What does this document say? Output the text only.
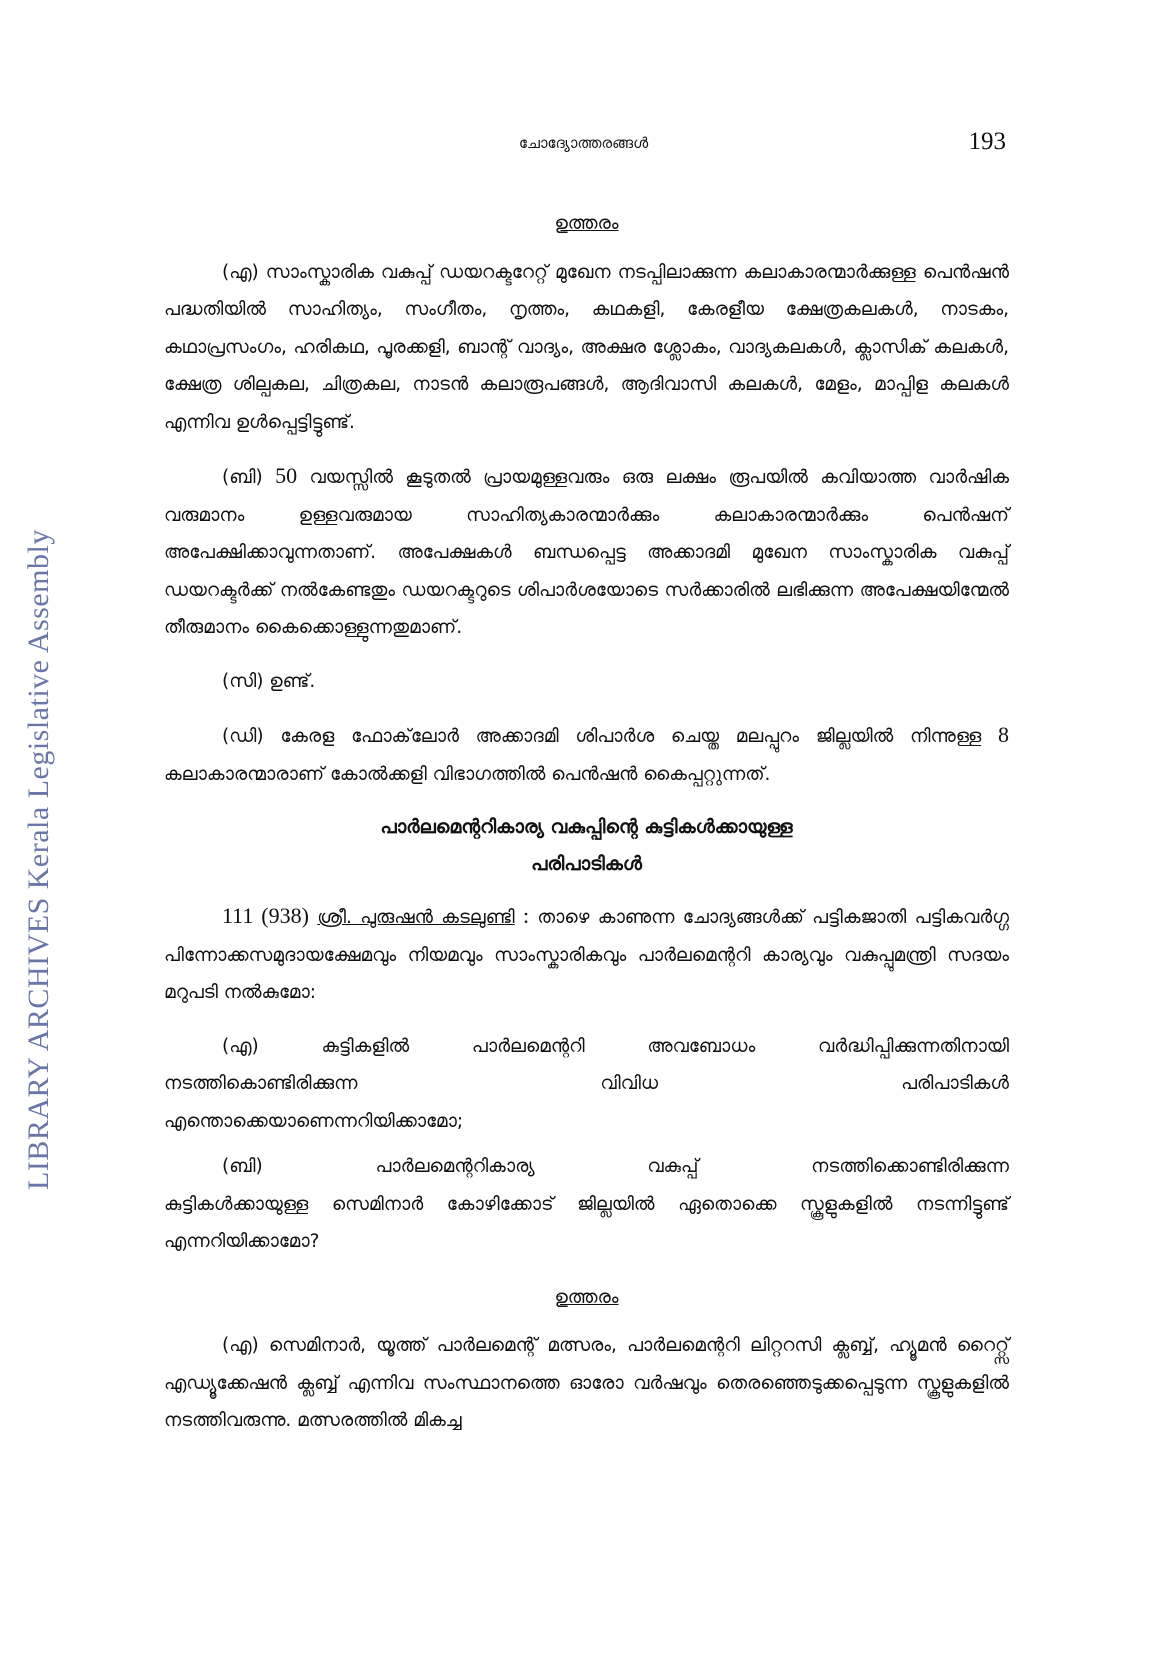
LIBRARY ARCHIVES Kerala Legislative Assembly
ചോദ്യോത്തരങ്ങൾ	193
ഉത്തരം

(എ) സാംസ്കാരിക വകുപ്പ് ഡയറക്ടറേറ്റ് മുഖേന നടപ്പിലാക്കുന്ന കലാകാരന്മാർക്കുള്ള പെൻഷൻ പദ്ധതിയിൽ സാഹിത്യം, സംഗീതം, നൃത്തം, കഥകളി, കേരളീയ ക്ഷേത്രകലകൾ, നാടകം, കഥാപ്രസംഗം, ഹരികഥ, പൂരക്കളി, ബാന്റ് വാദ്യം, അക്ഷര ശ്ലോകം, വാദ്യകലകൾ, ക്ലാസിക് കലകൾ, ക്ഷേത്ര ശില്പകല, ചിത്രകല, നാടൻ കലാരൂപങ്ങൾ, ആദിവാസി കലകൾ, മേളം, മാപ്പിള കലകൾ എന്നിവ ഉൾപ്പെട്ടിട്ടുണ്ട്.

(ബി) 50 വയസ്സിൽ കൂടുതൽ പ്രായമുള്ളവരും ഒരു ലക്ഷം രൂപയിൽ കവിയാത്ത വാർഷിക വരുമാനം ഉള്ളവരുമായ സാഹിത്യകാരന്മാർക്കും കലാകാരന്മാർക്കും പെൻഷന് അപേക്ഷിക്കാവുന്നതാണ്. അപേക്ഷകൾ ബന്ധപ്പെട്ട അക്കാദമി മുഖേന സാംസ്കാരിക വകുപ്പ് ഡയറക്ടർക്ക് നൽകേണ്ടതും ഡയറക്ടറുടെ ശിപാർശയോടെ സർക്കാരിൽ ലഭിക്കുന്ന അപേക്ഷയിന്മേൽ തീരുമാനം കൈക്കൊള്ളുന്നതുമാണ്.

(സി) ഉണ്ട്.

(ഡി) കേരള ഫോക്‌ലോർ അക്കാദമി ശിപാർശ ചെയ്ത മലപ്പുറം ജില്ലയിൽ നിന്നുള്ള 8 കലാകാരന്മാരാണ് കോൽക്കളി വിഭാഗത്തിൽ പെൻഷൻ കൈപ്പറ്റുന്നത്.

പാർലമെന്ററികാര്യ വകുപ്പിന്റെ കുട്ടികൾക്കായുള്ള
പരിപാടികൾ

111 (938) ശ്രീ. പുരുഷൻ കടലുണ്ടി : താഴെ കാണുന്ന ചോദ്യങ്ങൾക്ക് പട്ടികജാതി പട്ടികവർഗ്ഗ പിന്നോക്കസമുദായക്ഷേമവും നിയമവും സാംസ്കാരികവും പാർലമെന്ററി കാര്യവും വകുപ്പുമന്ത്രി സദയം മറുപടി നൽകുമോ:

(എ) കുട്ടികളിൽ പാർലമെന്ററി അവബോധം വർദ്ധിപ്പിക്കുന്നതിനായി
നടത്തികൊണ്ടിരിക്കുന്ന	വിവിധ	പരിപാടികൾ
എന്തൊക്കെയാണെന്നറിയിക്കാമോ;
(ബി)	പാർലമെന്ററികാര്യ	വകുപ്പ്	നടത്തിക്കൊണ്ടിരിക്കുന്ന

കുട്ടികൾക്കായുള്ള സെമിനാർ കോഴിക്കോട് ജില്ലയിൽ ഏതൊക്കെ സ്കൂളുകളിൽ നടന്നിട്ടുണ്ട് എന്നറിയിക്കാമോ?

ഉത്തരം

(എ) സെമിനാർ, യൂത്ത് പാർലമെന്റ് മത്സരം, പാർലമെന്ററി ലിറ്ററസി ക്ലബ്ബ്, ഹ്യൂമൻ റൈറ്റ്സ് എഡ്യൂക്കേഷൻ ക്ലബ്ബ് എന്നിവ സംസ്ഥാനത്തെ ഓരോ വർഷവും തെരഞ്ഞെടുക്കപ്പെടുന്ന സ്കൂളുകളിൽ നടത്തിവരുന്നു. മത്സരത്തിൽ മികച്ച
